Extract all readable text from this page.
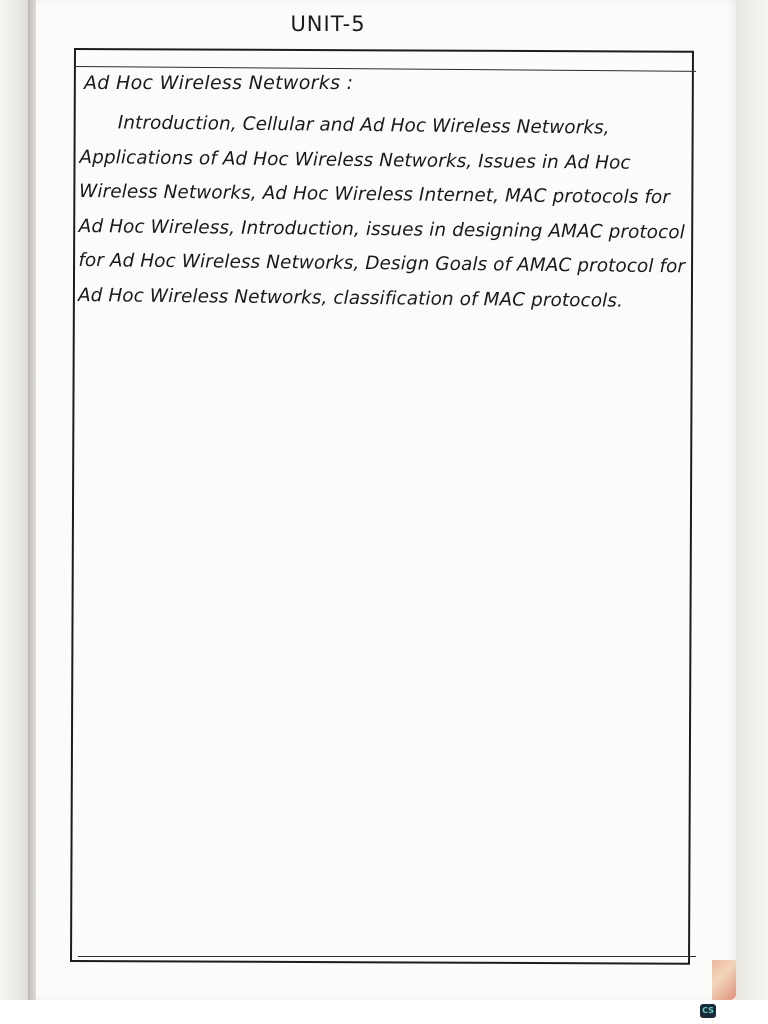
UNIT-5
Ad Hoc Wireless Networks :

Introduction, Cellular and Ad Hoc Wireless Networks, Applications of Ad Hoc Wireless Networks, Issues in Ad Hoc Wireless Networks, Ad Hoc Wireless Internet, MAC protocols for Ad Hoc Wireless, Introduction, issues in designing AMAC protocol for Ad Hoc Wireless Networks, Design Goals of AMAC protocol for Ad Hoc Wireless Networks, classification of MAC protocols.

CS
